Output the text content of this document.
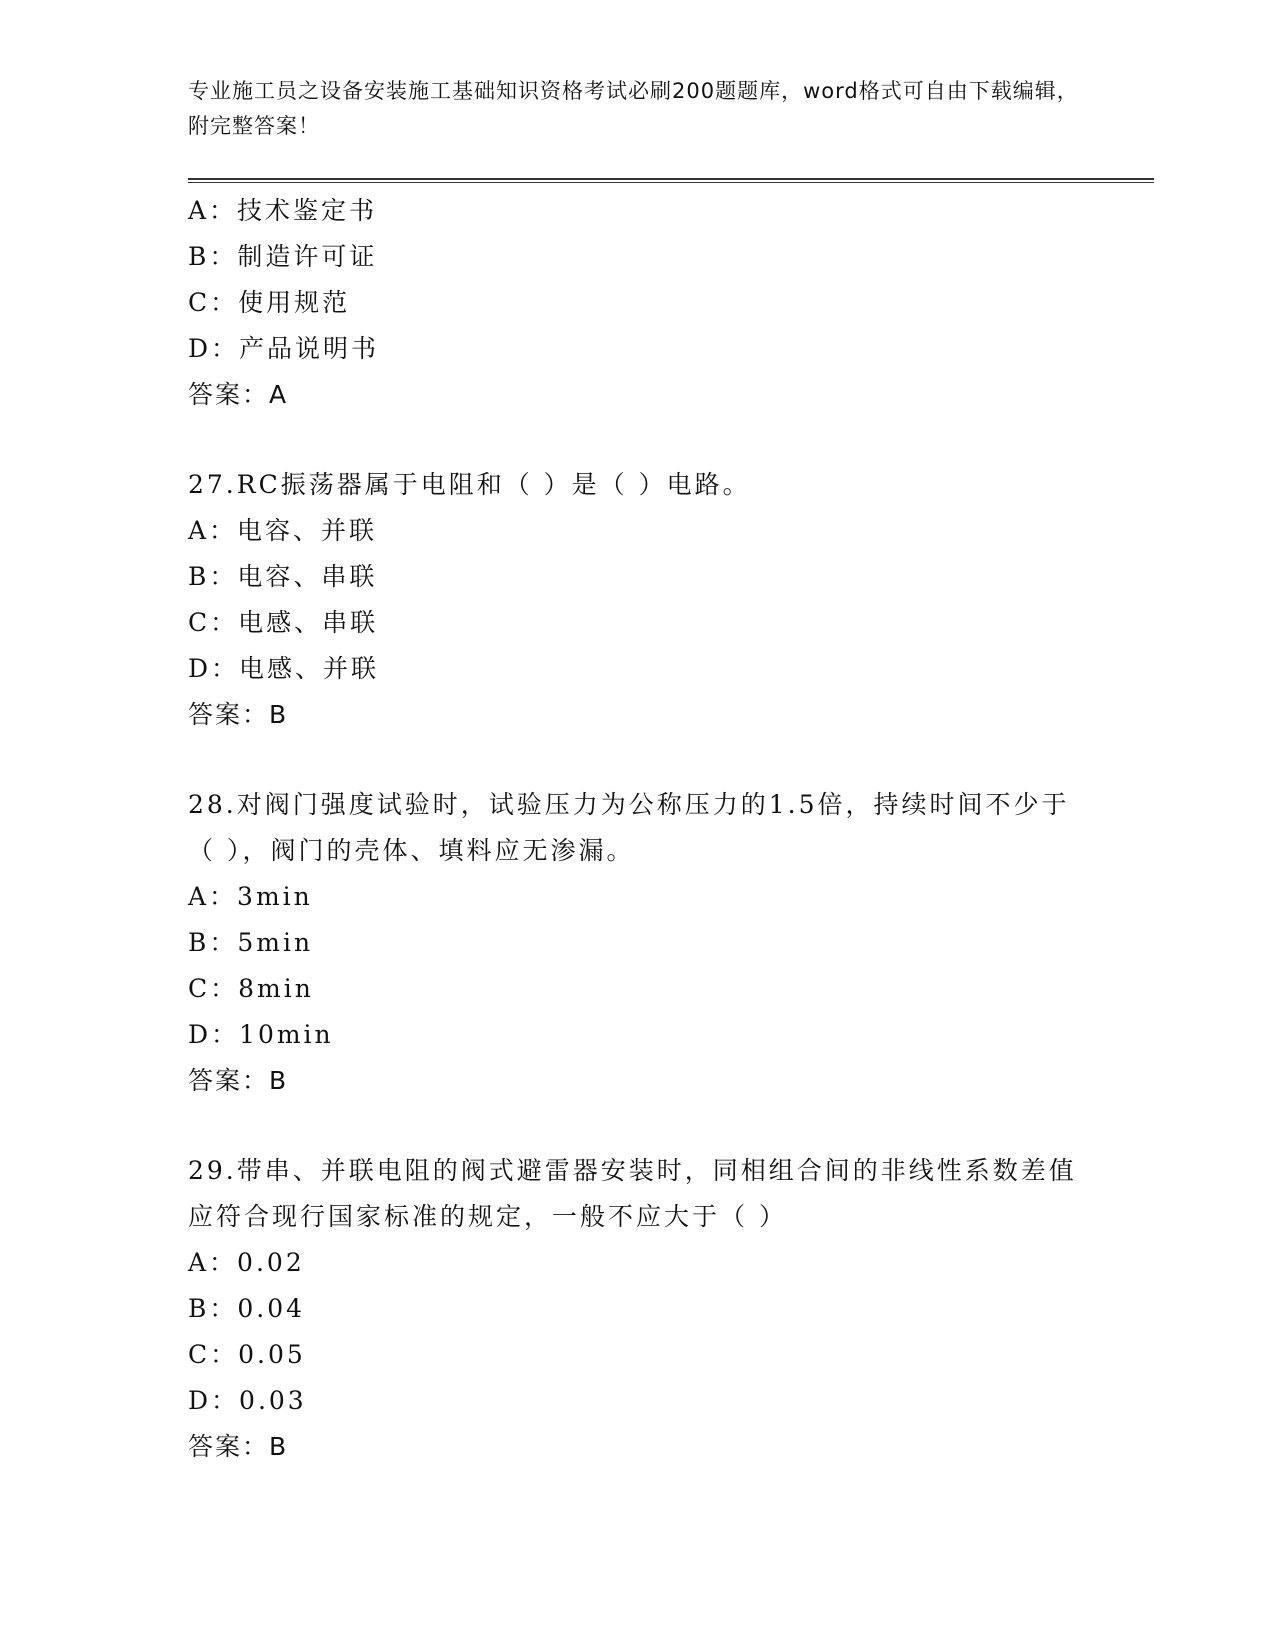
专业施工员之设备安装施工基础知识资格考试必刷200题题库，word格式可自由下载编辑，附完整答案！
A：技术鉴定书
B：制造许可证
C：使用规范
D：产品说明书
答案：A
27.RC振荡器属于电阻和（ ）是（ ）电路。
A：电容、并联
B：电容、串联
C：电感、串联
D：电感、并联
答案：B
28.对阀门强度试验时，试验压力为公称压力的1.5倍，持续时间不少于（ ），阀门的壳体、填料应无渗漏。
A：3min
B：5min
C：8min
D：10min
答案：B
29.带串、并联电阻的阀式避雷器安装时，同相组合间的非线性系数差值应符合现行国家标准的规定，一般不应大于（ ）
A：0.02
B：0.04
C：0.05
D：0.03
答案：B
